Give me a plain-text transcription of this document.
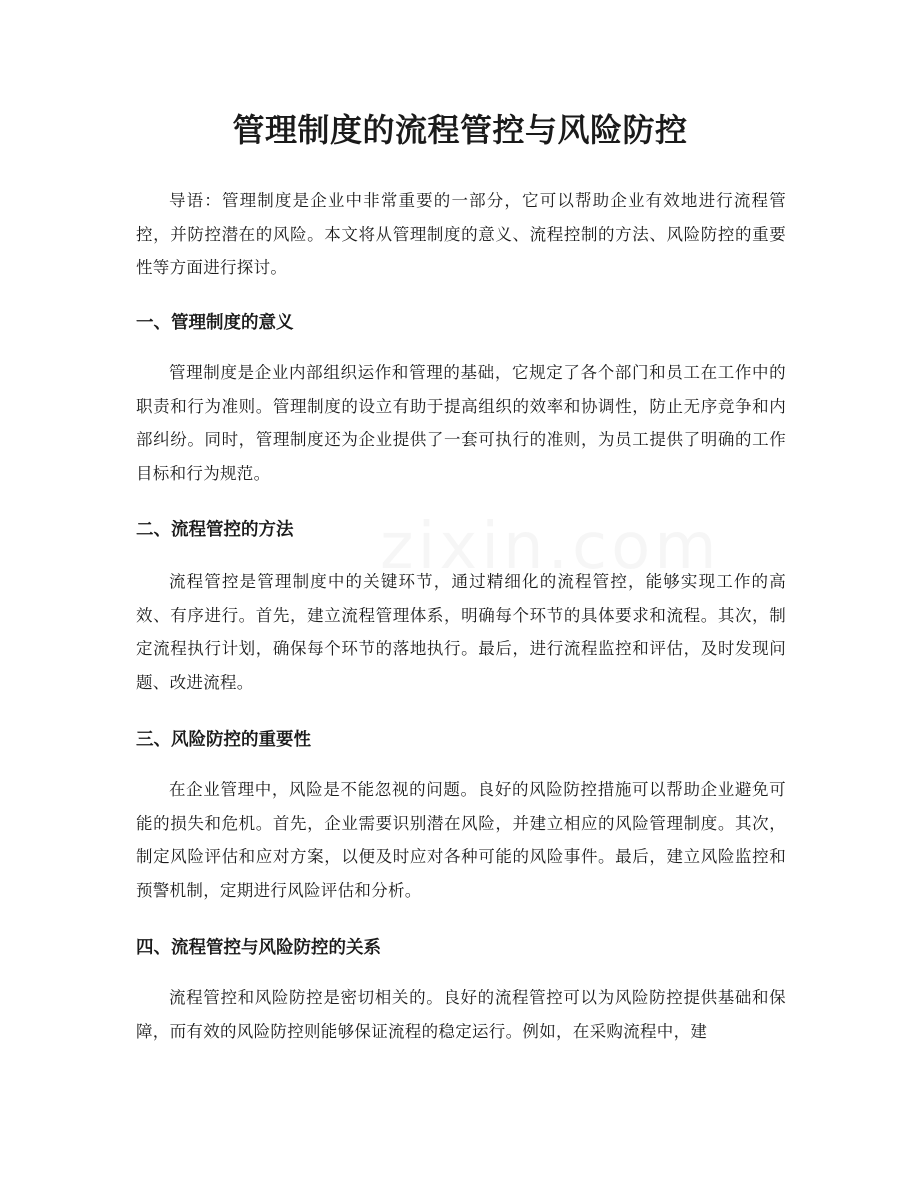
管理制度的流程管控与风险防控

导语：管理制度是企业中非常重要的一部分，它可以帮助企业有效地进行流程管控，并防控潜在的风险。本文将从管理制度的意义、流程控制的方法、风险防控的重要性等方面进行探讨。

一、管理制度的意义

管理制度是企业内部组织运作和管理的基础，它规定了各个部门和员工在工作中的职责和行为准则。管理制度的设立有助于提高组织的效率和协调性，防止无序竞争和内部纠纷。同时，管理制度还为企业提供了一套可执行的准则，为员工提供了明确的工作目标和行为规范。

二、流程管控的方法

流程管控是管理制度中的关键环节，通过精细化的流程管控，能够实现工作的高效、有序进行。首先，建立流程管理体系，明确每个环节的具体要求和流程。其次，制定流程执行计划，确保每个环节的落地执行。最后，进行流程监控和评估，及时发现问题、改进流程。

三、风险防控的重要性

在企业管理中，风险是不能忽视的问题。良好的风险防控措施可以帮助企业避免可能的损失和危机。首先，企业需要识别潜在风险，并建立相应的风险管理制度。其次，制定风险评估和应对方案，以便及时应对各种可能的风险事件。最后，建立风险监控和预警机制，定期进行风险评估和分析。

四、流程管控与风险防控的关系

流程管控和风险防控是密切相关的。良好的流程管控可以为风险防控提供基础和保障，而有效的风险防控则能够保证流程的稳定运行。例如，在采购流程中，建
